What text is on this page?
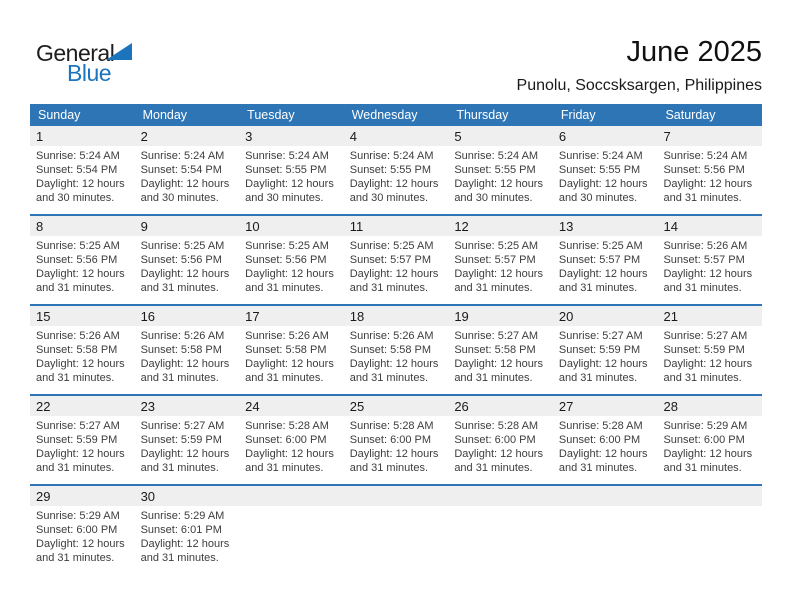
General
Blue
June 2025
Punolu, Soccsksargen, Philippines
Sunday	Monday	Tuesday	Wednesday	Thursday	Friday	Saturday
1	2	3	4	5	6	7
Sunrise: 5:24 AM
Sunset: 5:54 PM
Daylight: 12 hours
and 30 minutes.
Sunrise: 5:24 AM
Sunset: 5:54 PM
Daylight: 12 hours
and 30 minutes.
Sunrise: 5:24 AM
Sunset: 5:55 PM
Daylight: 12 hours
and 30 minutes.
Sunrise: 5:24 AM
Sunset: 5:55 PM
Daylight: 12 hours
and 30 minutes.
Sunrise: 5:24 AM
Sunset: 5:55 PM
Daylight: 12 hours
and 30 minutes.
Sunrise: 5:24 AM
Sunset: 5:55 PM
Daylight: 12 hours
and 30 minutes.
Sunrise: 5:24 AM
Sunset: 5:56 PM
Daylight: 12 hours
and 31 minutes.
8	9	10	11	12	13	14
Sunrise: 5:25 AM
Sunset: 5:56 PM
Daylight: 12 hours
and 31 minutes.
Sunrise: 5:25 AM
Sunset: 5:56 PM
Daylight: 12 hours
and 31 minutes.
Sunrise: 5:25 AM
Sunset: 5:56 PM
Daylight: 12 hours
and 31 minutes.
Sunrise: 5:25 AM
Sunset: 5:57 PM
Daylight: 12 hours
and 31 minutes.
Sunrise: 5:25 AM
Sunset: 5:57 PM
Daylight: 12 hours
and 31 minutes.
Sunrise: 5:25 AM
Sunset: 5:57 PM
Daylight: 12 hours
and 31 minutes.
Sunrise: 5:26 AM
Sunset: 5:57 PM
Daylight: 12 hours
and 31 minutes.
15	16	17	18	19	20	21
Sunrise: 5:26 AM
Sunset: 5:58 PM
Daylight: 12 hours
and 31 minutes.
Sunrise: 5:26 AM
Sunset: 5:58 PM
Daylight: 12 hours
and 31 minutes.
Sunrise: 5:26 AM
Sunset: 5:58 PM
Daylight: 12 hours
and 31 minutes.
Sunrise: 5:26 AM
Sunset: 5:58 PM
Daylight: 12 hours
and 31 minutes.
Sunrise: 5:27 AM
Sunset: 5:58 PM
Daylight: 12 hours
and 31 minutes.
Sunrise: 5:27 AM
Sunset: 5:59 PM
Daylight: 12 hours
and 31 minutes.
Sunrise: 5:27 AM
Sunset: 5:59 PM
Daylight: 12 hours
and 31 minutes.
22	23	24	25	26	27	28
Sunrise: 5:27 AM
Sunset: 5:59 PM
Daylight: 12 hours
and 31 minutes.
Sunrise: 5:27 AM
Sunset: 5:59 PM
Daylight: 12 hours
and 31 minutes.
Sunrise: 5:28 AM
Sunset: 6:00 PM
Daylight: 12 hours
and 31 minutes.
Sunrise: 5:28 AM
Sunset: 6:00 PM
Daylight: 12 hours
and 31 minutes.
Sunrise: 5:28 AM
Sunset: 6:00 PM
Daylight: 12 hours
and 31 minutes.
Sunrise: 5:28 AM
Sunset: 6:00 PM
Daylight: 12 hours
and 31 minutes.
Sunrise: 5:29 AM
Sunset: 6:00 PM
Daylight: 12 hours
and 31 minutes.
29	30
Sunrise: 5:29 AM
Sunset: 6:00 PM
Daylight: 12 hours
and 31 minutes.
Sunrise: 5:29 AM
Sunset: 6:01 PM
Daylight: 12 hours
and 31 minutes.
